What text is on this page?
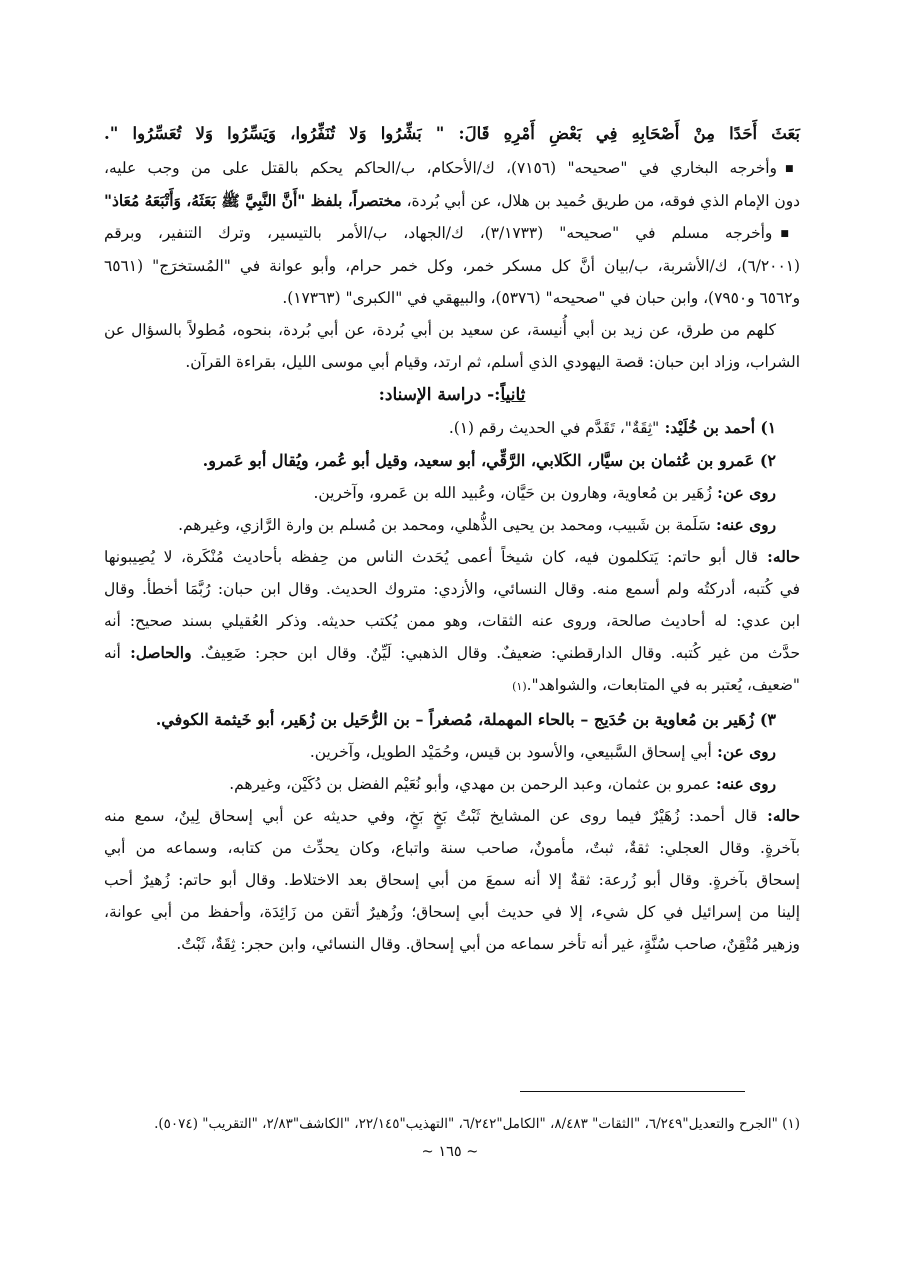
بَعَثَ أَحَدًا مِنْ أَصْحَابِهِ فِي بَعْضِ أَمْرِهِ قَالَ: " بَشِّرُوا وَلا تُنَفِّرُوا، وَيَسِّرُوا وَلا تُعَسِّرُوا ".

■ وأخرجه البخاري في "صحيحه" (٧١٥٦)، ك/الأحكام، ب/الحاكم يحكم بالقتل على من وجب عليه،

دون الإمام الذي فوقه، من طريق حُميد بن هلال، عن أبي بُردة، مختصراً، بلفظ "أَنَّ النَّبِيَّ ﷺ بَعَثَهُ، وَأَتْبَعَهُ مُعَاذ"

■ وأخرجه مسلم في "صحيحه" (٣/١٧٣٣)، ك/الجهاد، ب/الأمر بالتيسير، وترك التنفير، وبرقم

(٦/٢٠٠١)، ك/الأشربة، ب/بيان أنَّ كل مسكر خمر، وكل خمر حرام، وأبو عوانة في "المُستخرَج" (٦٥٦١

و٦٥٦٢ و٧٩٥٠)، وابن حبان في "صحيحه" (٥٣٧٦)، والبيهقي في "الكبرى" (١٧٣٦٣).

كلهم من طرق، عن زيد بن أبي أُنيسة، عن سعيد بن أبي بُردة، عن أبي بُردة، بنحوه، مُطولاً بالسؤال عن

الشراب، وزاد ابن حبان: قصة اليهودي الذي أسلم، ثم ارتد، وقيام أبي موسى الليل، بقراءة القرآن.

ثانياً:- دراسة الإسناد:

١) أحمد بن خُلَيْد: "ثِقَةٌ"، تَقَدَّم في الحديث رقم (١).

٢) عَمرو بن عُثمان بن سيَّار، الكَلابي، الرَّقِّي، أبو سعيد، وقيل أبو عُمر، ويُقال أبو عَمرو.

روى عن: زُهَير بن مُعاوية، وهارون بن حَيَّان، وعُبيد الله بن عَمرو، وآخرين.

روى عنه: سَلَمة بن شَبيب، ومحمد بن يحيى الذُّهلي، ومحمد بن مُسلم بن وارة الرَّازي، وغيرهم.

حاله: قال أبو حاتم: يَتكلمون فيه، كان شيخاً أعمى يُحَدث الناس من حِفظه بأحاديث مُنْكَرة، لا يُصِيبونها

في كُتبه، أدركتُه ولم أسمع منه. وقال النسائي، والأزدي: متروك الحديث. وقال ابن حبان: رُبَّمَا أخطأ. وقال

ابن عدي: له أحاديث صالحة، وروى عنه الثقات، وهو ممن يُكتب حديثه. وذكر العُقيلي بسند صحيح: أنه

حدَّث من غير كُتبه. وقال الدارقطني: ضعيفٌ. وقال الذهبي: لَيِّنٌ. وقال ابن حجر: ضَعِيفٌ. والحاصل: أنه

"ضعيف، يُعتبر به في المتابعات، والشواهد".(١)

٣) زُهَير بن مُعاوية بن حُدَيج – بالحاء المهملة، مُصغراً – بن الرُّحَيل بن زُهَير، أبو خَيثمة الكوفي.

روى عن: أبي إسحاق السَّبيعي، والأسود بن قيس، وحُمَيْد الطويل، وآخرين.

روى عنه: عمرو بن عثمان، وعبد الرحمن بن مهدي، وأبو نُعَيْم الفضل بن دُكَيْن، وغيرهم.

حاله: قال أحمد: زُهَيْرٌ فيما روى عن المشايخ ثَبْتٌ بَخٍ بَخٍ، وفي حديثه عن أبي إسحاق لِينٌ، سمع منه

بآخرةٍ. وقال العجلي: ثقةٌ، ثبتٌ، مأمونٌ، صاحب سنة واتباع، وكان يحدِّث من كتابه، وسماعه من أبي

إسحاق بآخرةٍ. وقال أبو زُرعة: ثقةٌ إلا أنه سمعَ من أبي إسحاق بعد الاختلاط. وقال أبو حاتم: زُهيرٌ أحب

إلينا من إسرائيل في كل شيء، إلا في حديث أبي إسحاق؛ وزُهيرٌ أتقن من زَائِدَة، وأحفظ من أبي عوانة،

وزهير مُتْقِنٌ، صاحب سُنَّةٍ، غير أنه تأخر سماعه من أبي إسحاق. وقال النسائي، وابن حجر: ثِقَةٌ، ثَبْتٌ.

(١) "الجرح والتعديل"٦/٢٤٩، "الثقات" ٨/٤٨٣، "الكامل"٦/٢٤٢، "التهذيب"٢٢/١٤٥، "الكاشف"٢/٨٣، "التقريب" (٥٠٧٤).
~ ١٦٥ ~
